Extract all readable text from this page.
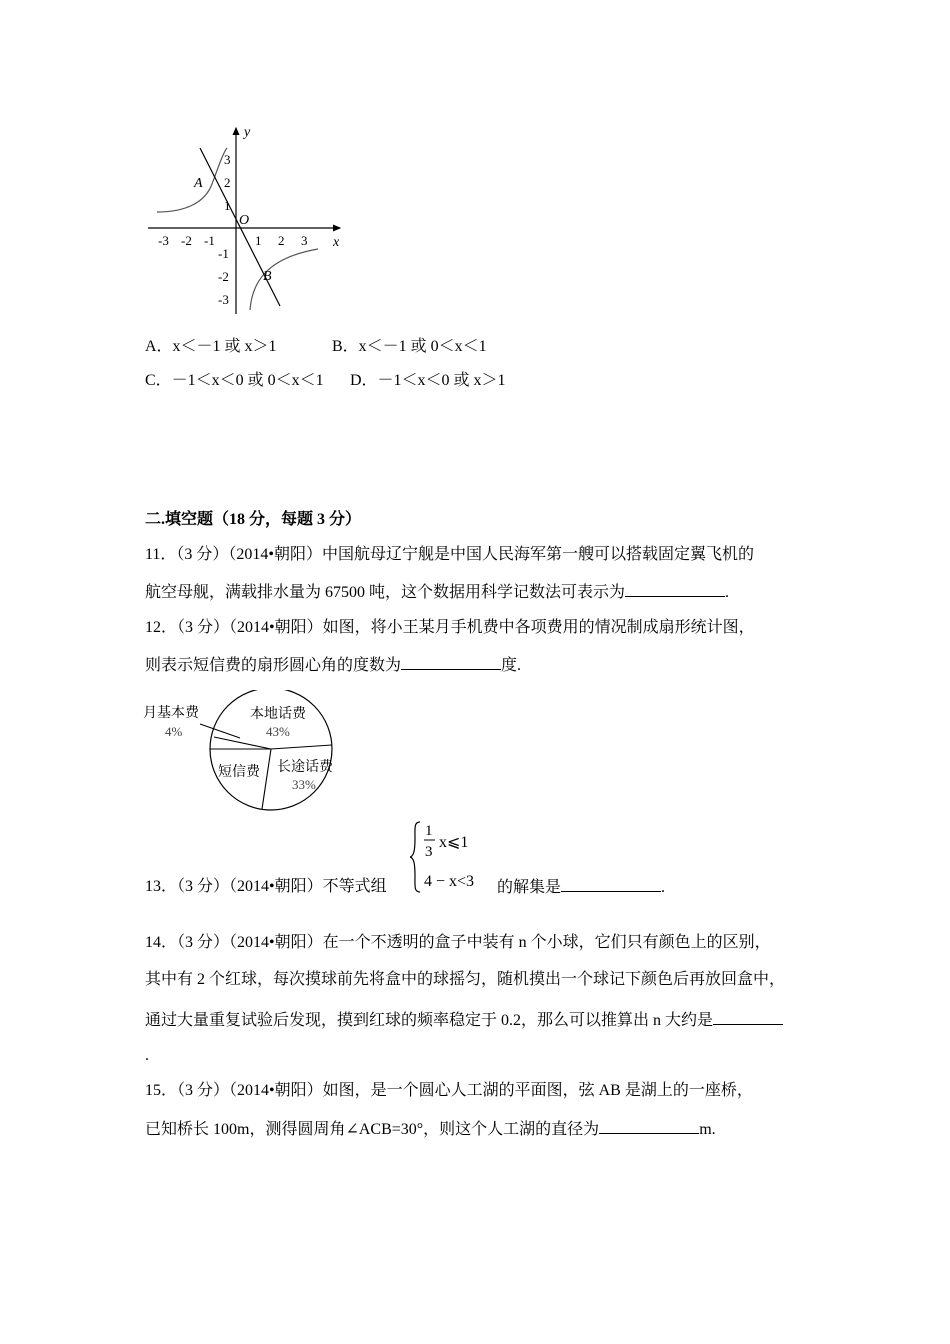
y
x
O
A
B
-3 -2 -1	1 2 3
3
2
1
-1
-2
-3
A．x＜－1 或 x＞1	B．x＜－1 或 0＜x＜1
C．－1＜x＜0 或 0＜x＜1 D．－1＜x＜0 或 x＞1
二.填空题（18 分，每题 3 分）
11．（3 分）（2014•朝阳）中国航母辽宁舰是中国人民海军第一艘可以搭载固定翼飞机的
航空母舰，满载排水量为 67500 吨，这个数据用科学记数法可表示为	.
12．（3 分）（2014•朝阳）如图，将小王某月手机费中各项费用的情况制成扇形统计图，
则表示短信费的扇形圆心角的度数为	度.
月基本费
4%
本地话费
43%
短信费 长途话费
33%
13．（3 分）（2014•朝阳）不等式组
1
3
x⩽1
4 − x<3 的解集是	.
14．（3 分）（2014•朝阳）在一个不透明的盒子中装有 n 个小球，它们只有颜色上的区别，
其中有 2 个红球，每次摸球前先将盒中的球摇匀，随机摸出一个球记下颜色后再放回盒中，
通过大量重复试验后发现，摸到红球的频率稳定于 0.2，那么可以推算出 n 大约是
.
15．（3 分）（2014•朝阳）如图，是一个圆心人工湖的平面图，弦 AB 是湖上的一座桥，
已知桥长 100m，测得圆周角∠ACB=30°，则这个人工湖的直径为	m.
